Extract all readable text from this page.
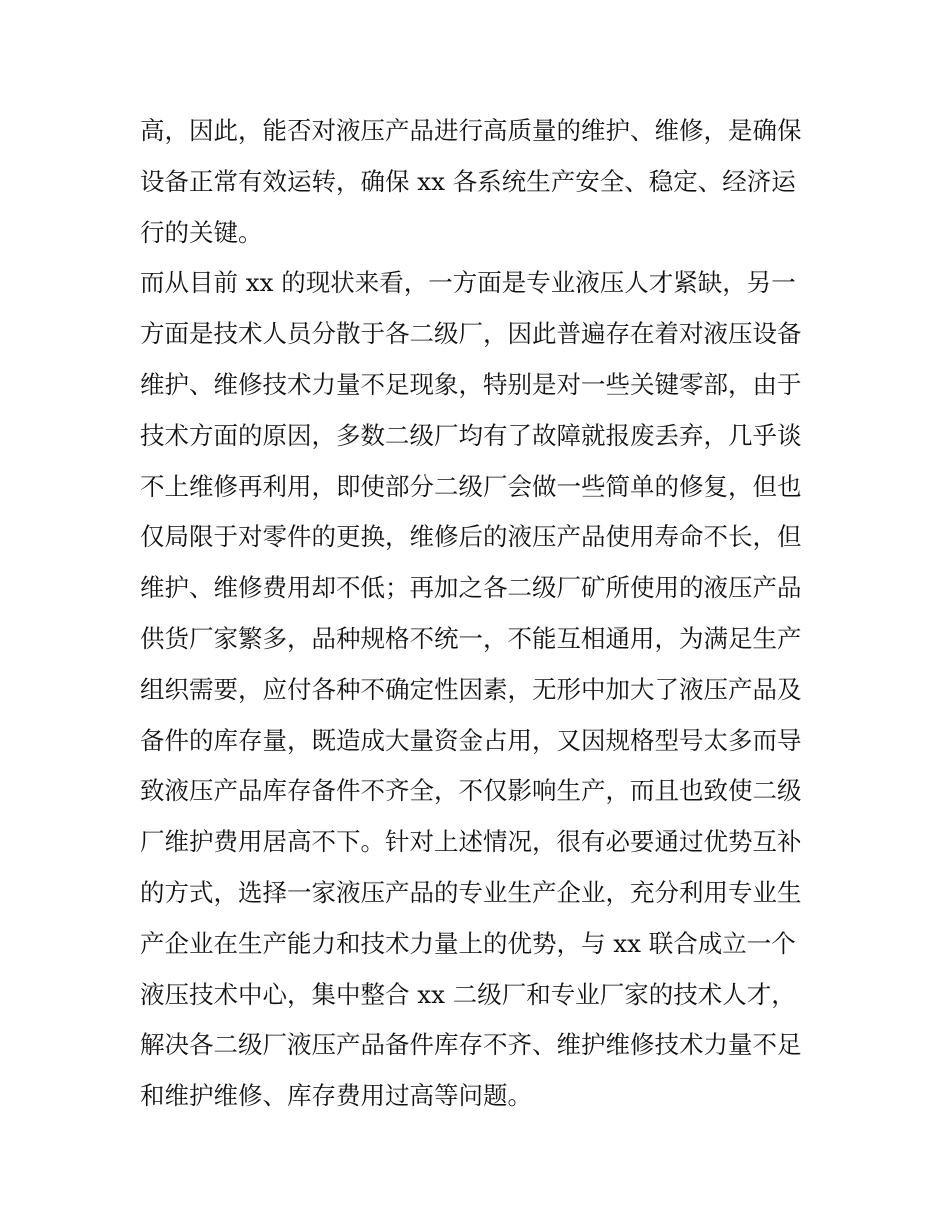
高，因此，能否对液压产品进行高质量的维护、维修，是确保

设备正常有效运转，确保 xx 各系统生产安全、稳定、经济运

行的关键。

而从目前 xx 的现状来看，一方面是专业液压人才紧缺，另一

方面是技术人员分散于各二级厂，因此普遍存在着对液压设备

维护、维修技术力量不足现象，特别是对一些关键零部，由于

技术方面的原因，多数二级厂均有了故障就报废丢弃，几乎谈

不上维修再利用，即使部分二级厂会做一些简单的修复，但也

仅局限于对零件的更换，维修后的液压产品使用寿命不长，但

维护、维修费用却不低；再加之各二级厂矿所使用的液压产品

供货厂家繁多，品种规格不统一，不能互相通用，为满足生产

组织需要，应付各种不确定性因素，无形中加大了液压产品及

备件的库存量，既造成大量资金占用，又因规格型号太多而导

致液压产品库存备件不齐全，不仅影响生产，而且也致使二级

厂维护费用居高不下。针对上述情况，很有必要通过优势互补

的方式，选择一家液压产品的专业生产企业，充分利用专业生

产企业在生产能力和技术力量上的优势，与 xx 联合成立一个

液压技术中心，集中整合 xx 二级厂和专业厂家的技术人才，

解决各二级厂液压产品备件库存不齐、维护维修技术力量不足

和维护维修、库存费用过高等问题。
